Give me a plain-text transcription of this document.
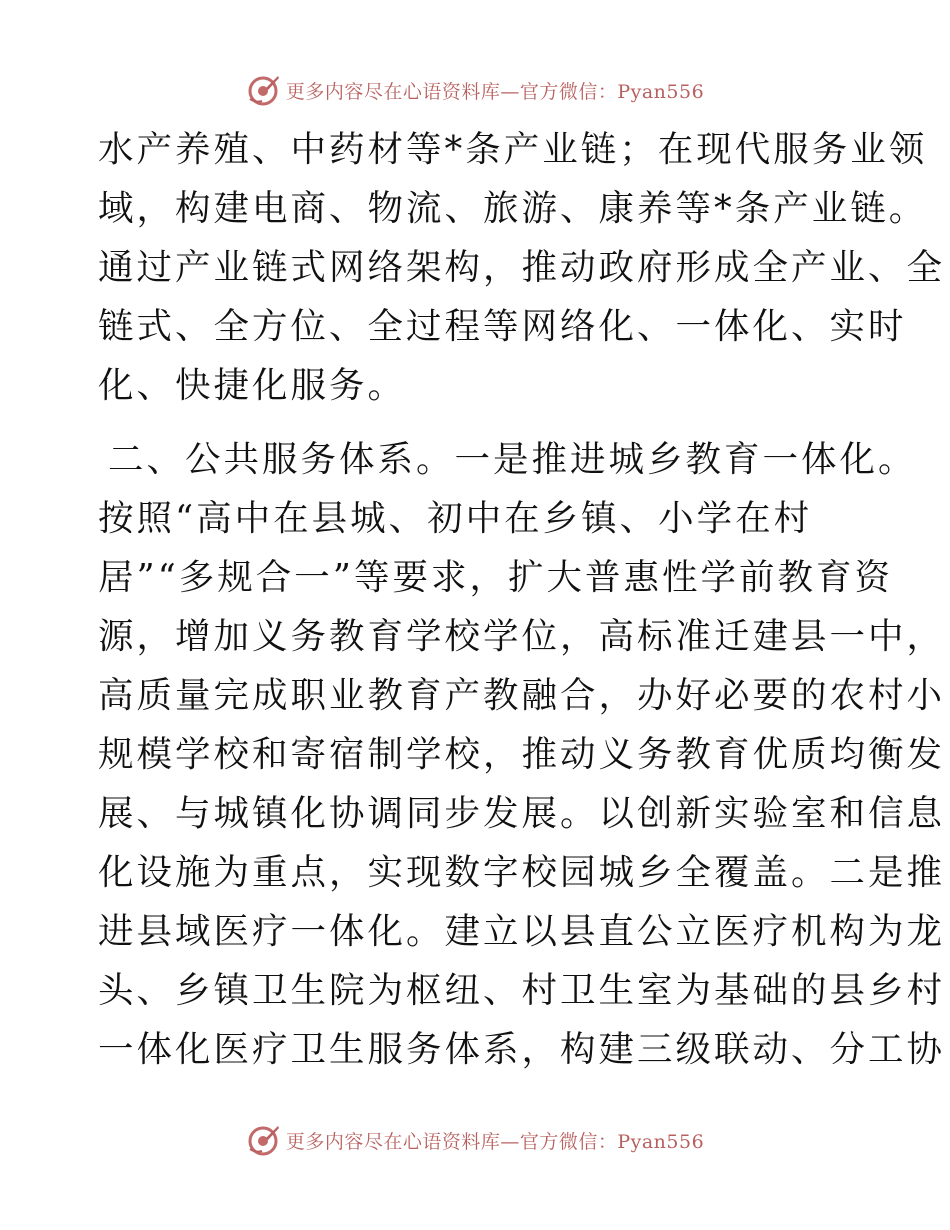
更多内容尽在心语资料库—官方微信：Pyan556
水产养殖、中药材等*条产业链；在现代服务业领
域，构建电商、物流、旅游、康养等*条产业链。
通过产业链式网络架构，推动政府形成全产业、全
链式、全方位、全过程等网络化、一体化、实时
化、快捷化服务。
二、公共服务体系。一是推进城乡教育一体化。
按照“高中在县城、初中在乡镇、小学在村
居”“多规合一”等要求，扩大普惠性学前教育资
源，增加义务教育学校学位，高标准迁建县一中，
高质量完成职业教育产教融合，办好必要的农村小
规模学校和寄宿制学校，推动义务教育优质均衡发
展、与城镇化协调同步发展。以创新实验室和信息
化设施为重点，实现数字校园城乡全覆盖。二是推
进县域医疗一体化。建立以县直公立医疗机构为龙
头、乡镇卫生院为枢纽、村卫生室为基础的县乡村
一体化医疗卫生服务体系，构建三级联动、分工协
更多内容尽在心语资料库—官方微信：Pyan556
